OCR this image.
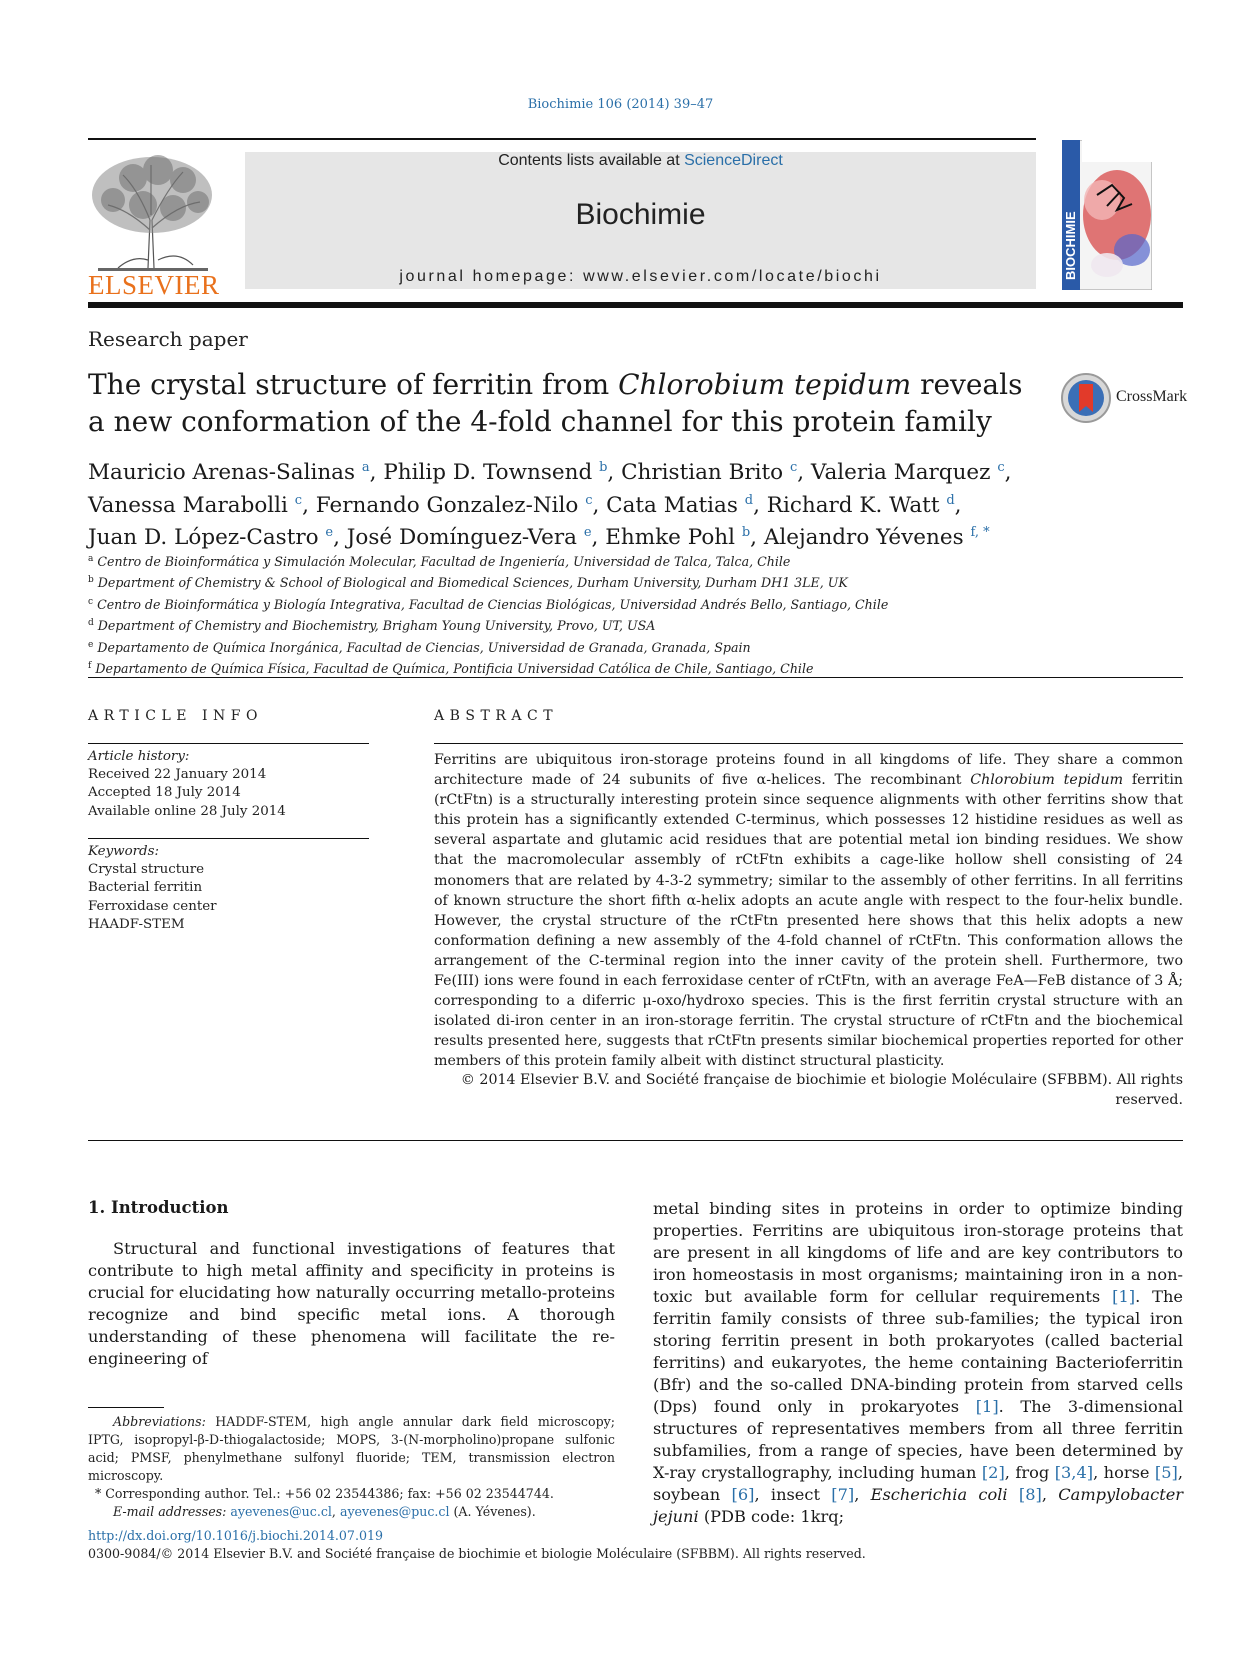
Biochimie 106 (2014) 39–47
ELSEVIER
Contents lists available at ScienceDirect
Biochimie
journal homepage: www.elsevier.com/locate/biochi	BIOCHIMIE
Research paper
The crystal structure of ferritin from Chlorobium tepidum reveals a new conformation of the 4-fold channel for this protein family
CrossMark
Mauricio Arenas-Salinas $^a$, Philip D. Townsend $^b$, Christian Brito $^c$, Valeria Marquez $^c$,
Vanessa Marabolli $^c$, Fernando Gonzalez-Nilo $^c$, Cata Matias $^d$, Richard K. Watt $^d$,
Juan D. López-Castro $^e$, José Domínguez-Vera $^e$, Ehmke Pohl $^b$, Alejandro Yévenes $^{f, *}$
$^a$ Centro de Bioinformática y Simulación Molecular, Facultad de Ingeniería, Universidad de Talca, Talca, Chile
$^b$ Department of Chemistry & School of Biological and Biomedical Sciences, Durham University, Durham DH1 3LE, UK
$^c$ Centro de Bioinformática y Biología Integrativa, Facultad de Ciencias Biológicas, Universidad Andrés Bello, Santiago, Chile
$^d$ Department of Chemistry and Biochemistry, Brigham Young University, Provo, UT, USA
$^e$ Departamento de Química Inorgánica, Facultad de Ciencias, Universidad de Granada, Granada, Spain
$^f$ Departamento de Química Física, Facultad de Química, Pontificia Universidad Católica de Chile, Santiago, Chile
ARTICLE INFO
Article history:
Received 22 January 2014
Accepted 18 July 2014
Available online 28 July 2014
Keywords:
Crystal structure
Bacterial ferritin
Ferroxidase center
HAADF-STEM
ABSTRACT
Ferritins are ubiquitous iron-storage proteins found in all kingdoms of life. They share a common architecture made of 24 subunits of five α-helices. The recombinant Chlorobium tepidum ferritin (rCtFtn) is a structurally interesting protein since sequence alignments with other ferritins show that this protein has a significantly extended C-terminus, which possesses 12 histidine residues as well as several aspartate and glutamic acid residues that are potential metal ion binding residues. We show that the macromolecular assembly of rCtFtn exhibits a cage-like hollow shell consisting of 24 monomers that are related by 4-3-2 symmetry; similar to the assembly of other ferritins. In all ferritins of known structure the short fifth α-helix adopts an acute angle with respect to the four-helix bundle. However, the crystal structure of the rCtFtn presented here shows that this helix adopts a new conformation defining a new assembly of the 4-fold channel of rCtFtn. This conformation allows the arrangement of the C-terminal region into the inner cavity of the protein shell. Furthermore, two Fe(III) ions were found in each ferroxidase center of rCtFtn, with an average FeA—FeB distance of 3 Å; corresponding to a diferric μ-oxo/hydroxo species. This is the first ferritin crystal structure with an isolated di-iron center in an iron-storage ferritin. The crystal structure of rCtFtn and the biochemical results presented here, suggests that rCtFtn presents similar biochemical properties reported for other members of this protein family albeit with distinct structural plasticity.
© 2014 Elsevier B.V. and Société française de biochimie et biologie Moléculaire (SFBBM). All rights reserved.
1. Introduction
Structural and functional investigations of features that contribute to high metal affinity and specificity in proteins is crucial for elucidating how naturally occurring metallo-proteins recognize and bind specific metal ions. A thorough understanding of these phenomena will facilitate the re-engineering of
Abbreviations: HADDF-STEM, high angle annular dark field microscopy; IPTG, isopropyl-β-D-thiogalactoside; MOPS, 3-(N-morpholino)propane sulfonic acid; PMSF, phenylmethane sulfonyl fluoride; TEM, transmission electron microscopy.
* Corresponding author. Tel.: +56 02 23544386; fax: +56 02 23544744.
E-mail addresses: ayevenes@uc.cl, ayevenes@puc.cl (A. Yévenes).
metal binding sites in proteins in order to optimize binding properties. Ferritins are ubiquitous iron-storage proteins that are present in all kingdoms of life and are key contributors to iron homeostasis in most organisms; maintaining iron in a non-toxic but available form for cellular requirements [1]. The ferritin family consists of three sub-families; the typical iron storing ferritin present in both prokaryotes (called bacterial ferritins) and eukaryotes, the heme containing Bacterioferritin (Bfr) and the so-called DNA-binding protein from starved cells (Dps) found only in prokaryotes [1]. The 3-dimensional structures of representatives members from all three ferritin subfamilies, from a range of species, have been determined by X-ray crystallography, including human [2], frog [3,4], horse [5], soybean [6], insect [7], Escherichia coli [8], Campylobacter jejuni (PDB code: 1krq;
http://dx.doi.org/10.1016/j.biochi.2014.07.019
0300-9084/© 2014 Elsevier B.V. and Société française de biochimie et biologie Moléculaire (SFBBM). All rights reserved.
